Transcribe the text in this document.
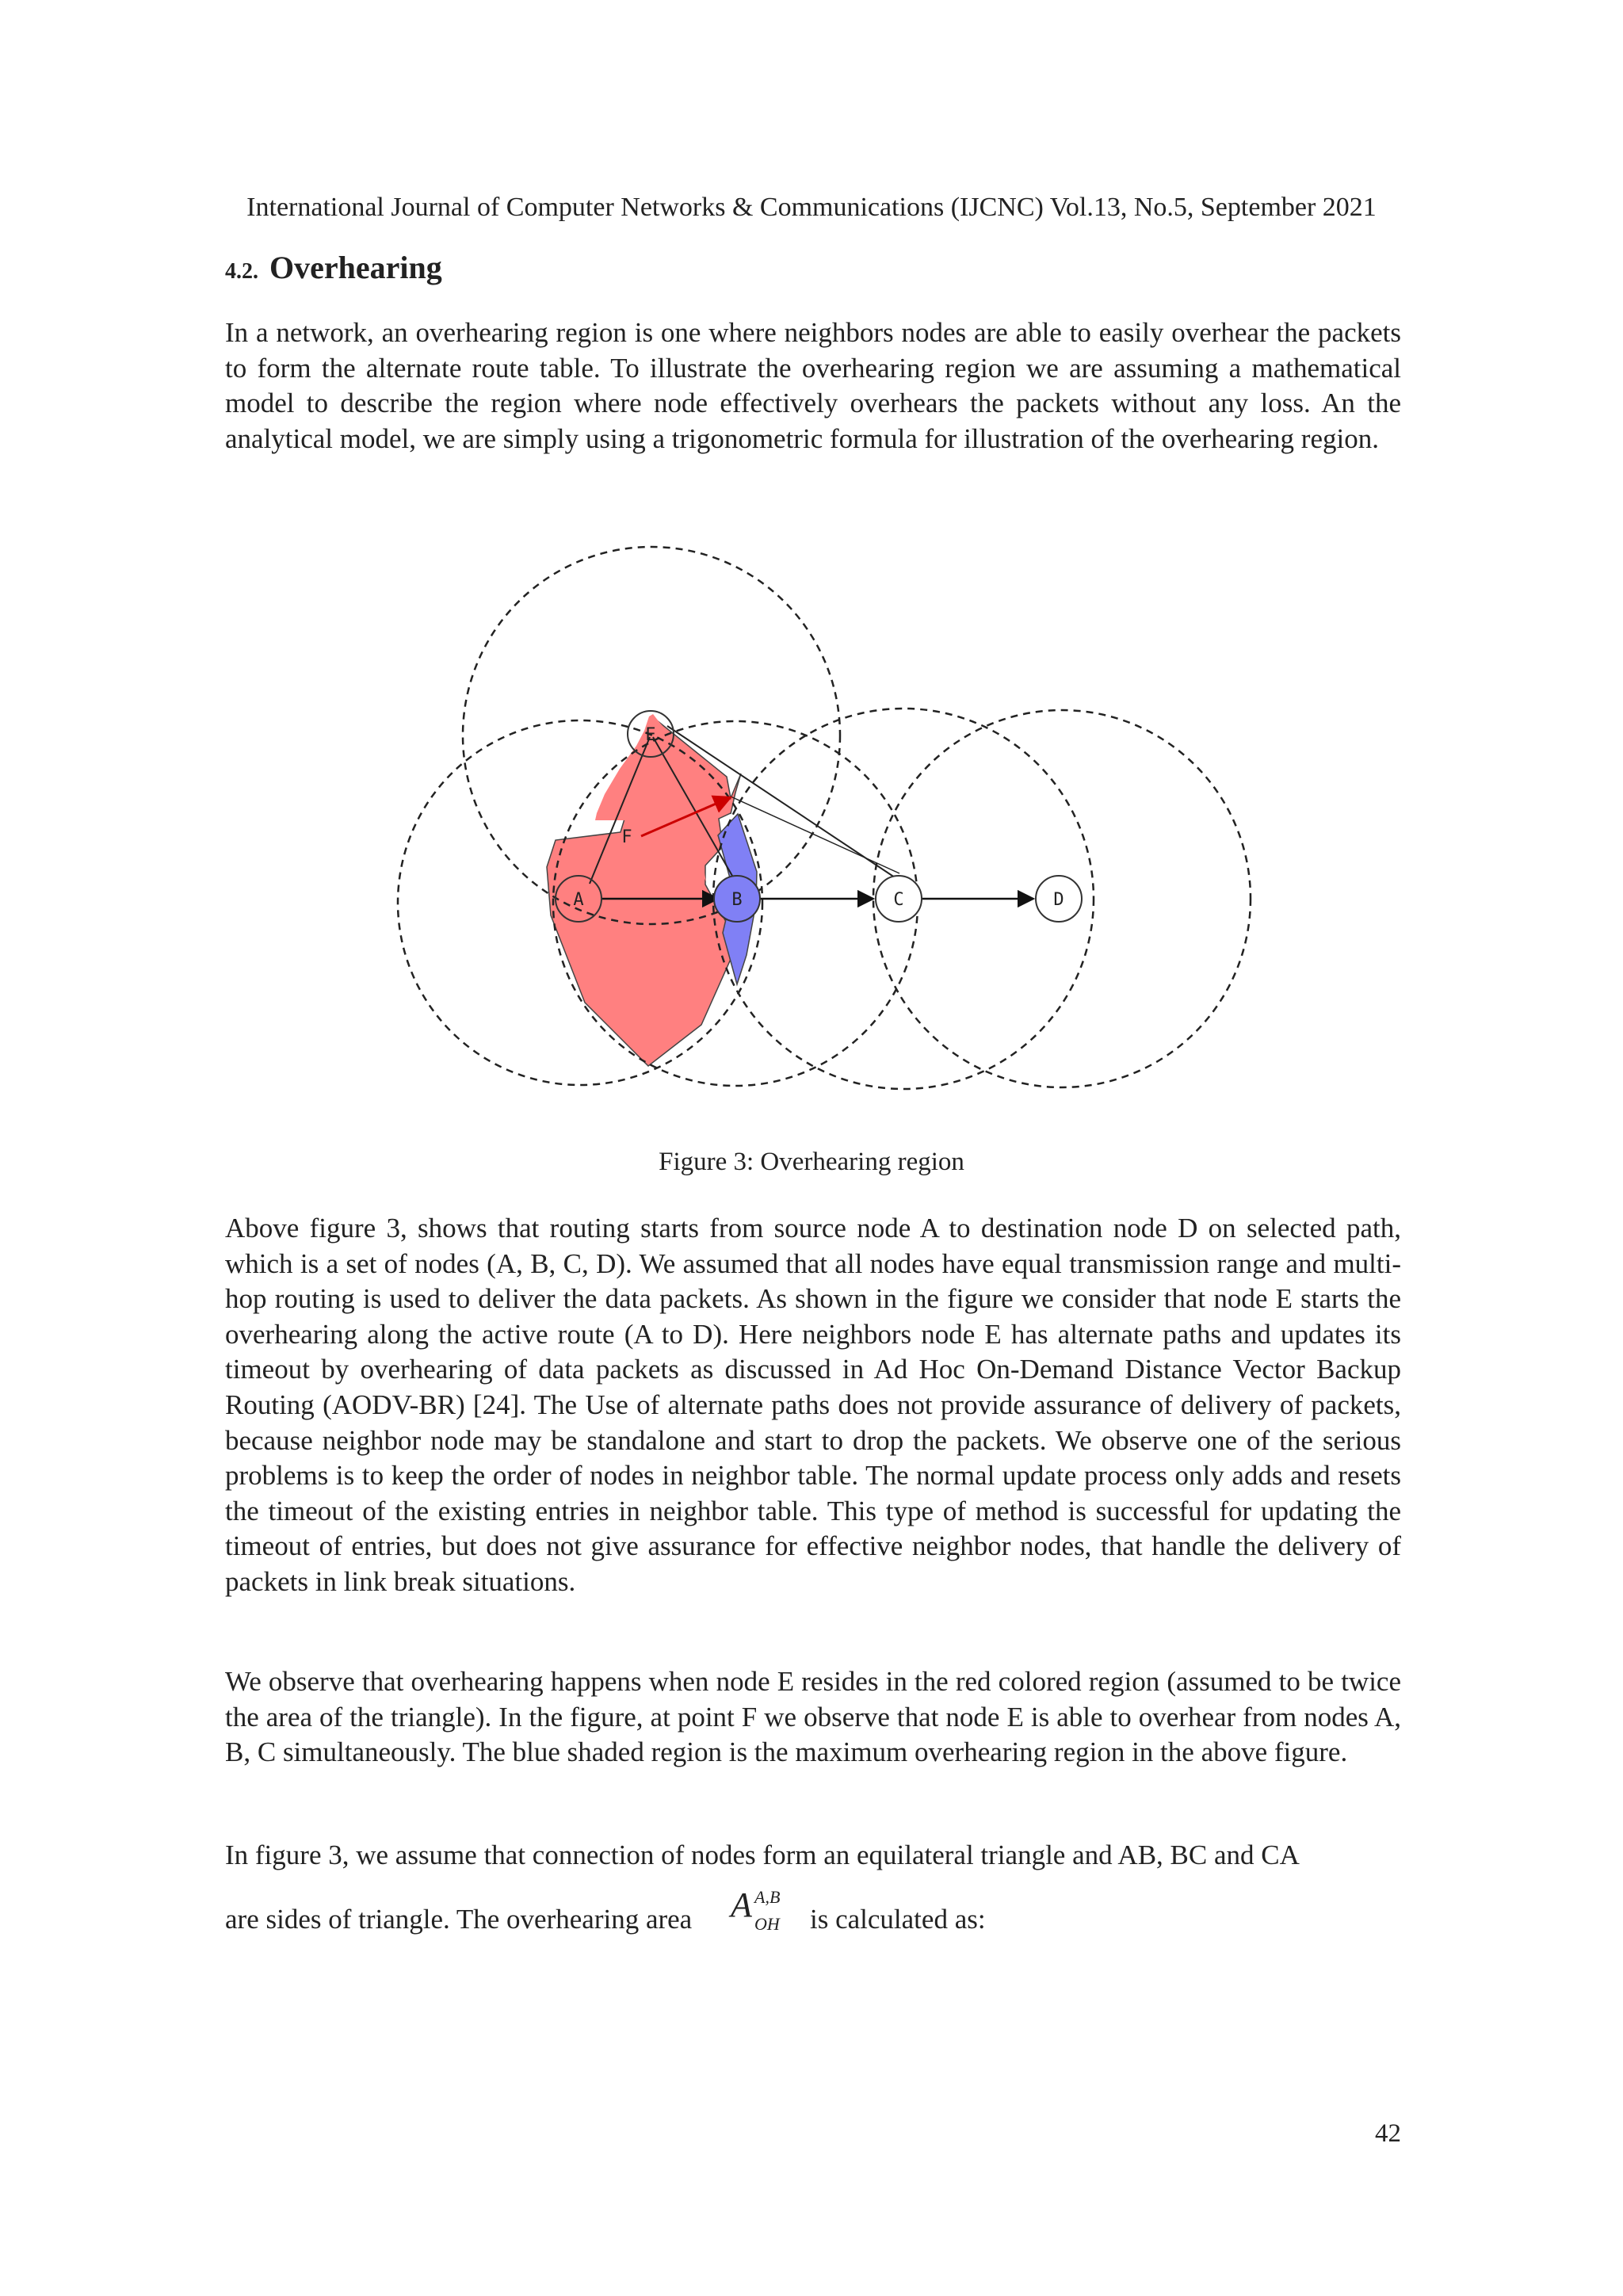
International Journal of Computer Networks & Communications (IJCNC) Vol.13, No.5, September 2021
4.2. Overhearing

In a network, an overhearing region is one where neighbors nodes are able to easily overhear the packets to form the alternate route table. To illustrate the overhearing region we are assuming a mathematical model to describe the region where node effectively overhears the packets without any loss. An the analytical model, we are simply using a trigonometric formula for illustration of the overhearing region.

E
A	B	C	D
F
Figure 3: Overhearing region

Above figure 3, shows that routing starts from source node A to destination node D on selected path, which is a set of nodes (A, B, C, D). We assumed that all nodes have equal transmission range and multi-hop routing is used to deliver the data packets. As shown in the figure we consider that node E starts the overhearing along the active route (A to D). Here neighbors node E has alternate paths and updates its timeout by overhearing of data packets as discussed in Ad Hoc On-Demand Distance Vector Backup Routing (AODV-BR) [24]. The Use of alternate paths does not provide assurance of delivery of packets, because neighbor node may be standalone and start to drop the packets. We observe one of the serious problems is to keep the order of nodes in neighbor table. The normal update process only adds and resets the timeout of the existing entries in neighbor table. This type of method is successful for updating the timeout of entries, but does not give assurance for effective neighbor nodes, that handle the delivery of packets in link break situations.

We observe that overhearing happens when node E resides in the red colored region (assumed to be twice the area of the triangle). In the figure, at point F we observe that node E is able to overhear from nodes A, B, C simultaneously. The blue shaded region is the maximum overhearing region in the above figure.

In figure 3, we assume that connection of nodes form an equilateral triangle and AB, BC and CA

are sides of triangle. The overhearing area A A,B
OH is calculated as:
42
